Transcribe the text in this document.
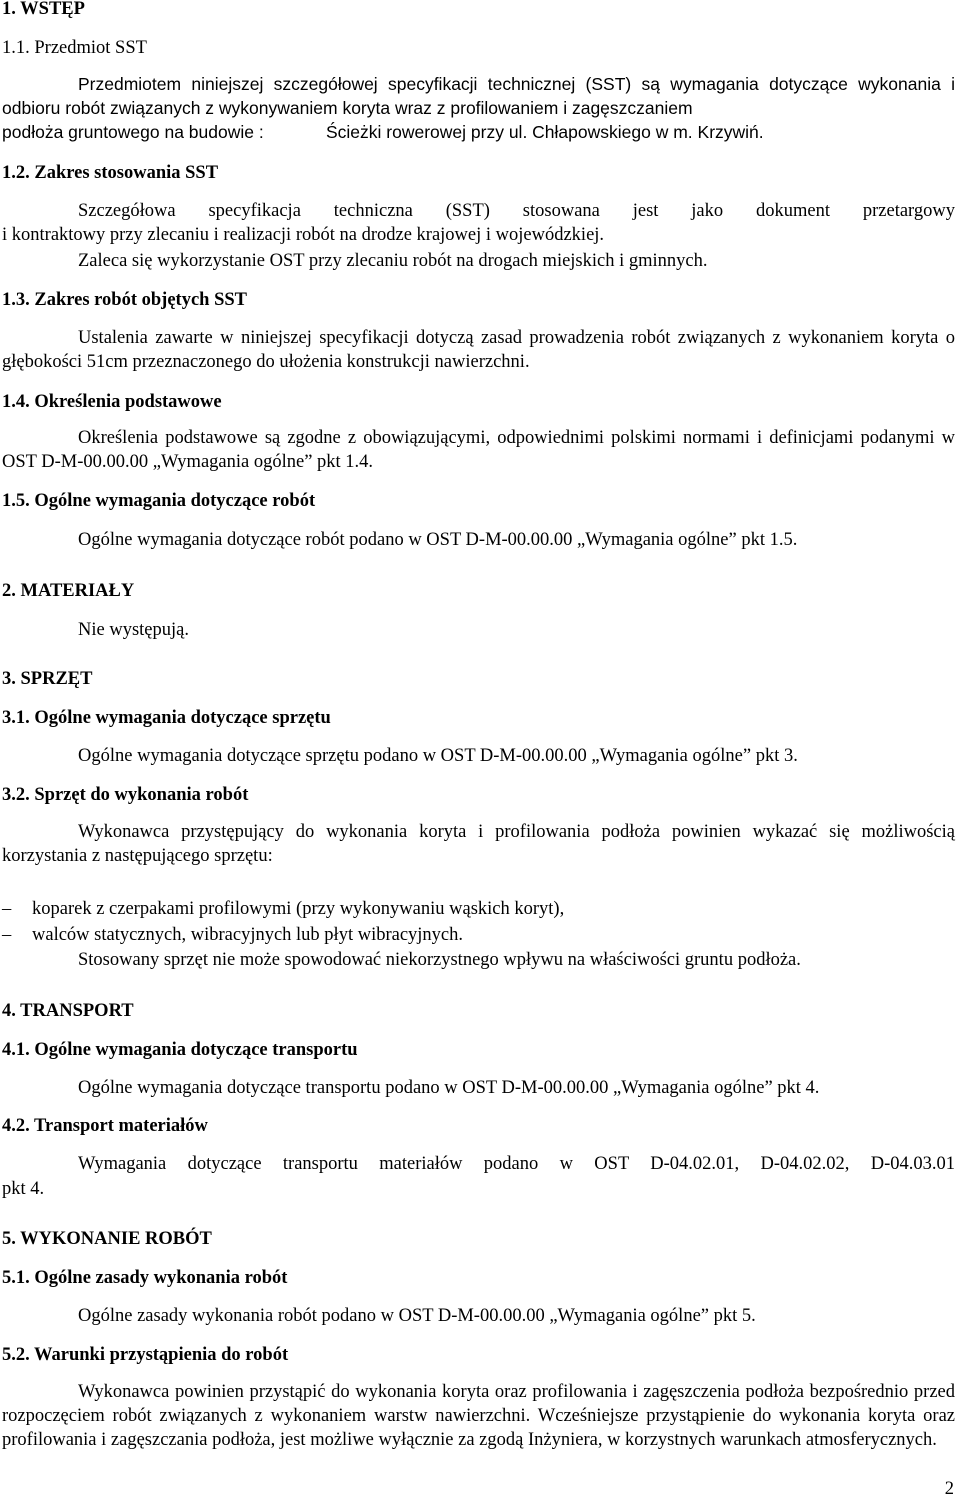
1. WSTĘP
1.1. Przedmiot SST
Przedmiotem niniejszej szczegółowej specyfikacji technicznej (SST) są wymagania dotyczące wykonania i odbioru robót związanych z wykonywaniem koryta wraz z profilowaniem i zagęszczaniem
podłoża gruntowego na budowie :	Ścieżki rowerowej przy ul. Chłapowskiego w m. Krzywiń.
1.2. Zakres stosowania SST
Szczegółowa specyfikacja techniczna (SST) stosowana jest jako dokument przetargowy
i kontraktowy przy zlecaniu i realizacji robót na drodze krajowej i wojewódzkiej.
Zaleca się wykorzystanie OST przy zlecaniu robót na drogach miejskich i gminnych.
1.3. Zakres robót objętych SST
Ustalenia zawarte w niniejszej specyfikacji dotyczą zasad prowadzenia robót związanych z wykonaniem koryta o głębokości 51cm przeznaczonego do ułożenia konstrukcji nawierzchni.
1.4. Określenia podstawowe
Określenia podstawowe są zgodne z obowiązującymi, odpowiednimi polskimi normami i definicjami podanymi w OST D-M-00.00.00 „Wymagania ogólne” pkt 1.4.
1.5. Ogólne wymagania dotyczące robót
Ogólne wymagania dotyczące robót podano w OST D-M-00.00.00 „Wymagania ogólne” pkt 1.5.
2. MATERIAŁY
Nie występują.
3. SPRZĘT
3.1. Ogólne wymagania dotyczące sprzętu
Ogólne wymagania dotyczące sprzętu podano w OST D-M-00.00.00 „Wymagania ogólne” pkt 3.
3.2. Sprzęt do wykonania robót
Wykonawca przystępujący do wykonania koryta i profilowania podłoża powinien wykazać się możliwością korzystania z następującego sprzętu:
– koparek z czerpakami profilowymi (przy wykonywaniu wąskich koryt),
– walców statycznych, wibracyjnych lub płyt wibracyjnych.
Stosowany sprzęt nie może spowodować niekorzystnego wpływu na właściwości gruntu podłoża.
4. TRANSPORT
4.1. Ogólne wymagania dotyczące transportu
Ogólne wymagania dotyczące transportu podano w OST D-M-00.00.00 „Wymagania ogólne” pkt 4.
4.2. Transport materiałów
Wymagania dotyczące transportu materiałów podano w OST D-04.02.01, D-04.02.02, D-04.03.01
pkt 4.
5. WYKONANIE ROBÓT
5.1. Ogólne zasady wykonania robót
Ogólne zasady wykonania robót podano w OST D-M-00.00.00 „Wymagania ogólne” pkt 5.
5.2. Warunki przystąpienia do robót
Wykonawca powinien przystąpić do wykonania koryta oraz profilowania i zagęszczenia podłoża bezpośrednio przed rozpoczęciem robót związanych z wykonaniem warstw nawierzchni. Wcześniejsze przystąpienie do wykonania koryta oraz profilowania i zagęszczania podłoża, jest możliwe wyłącznie za zgodą Inżyniera, w korzystnych warunkach atmosferycznych.
2
